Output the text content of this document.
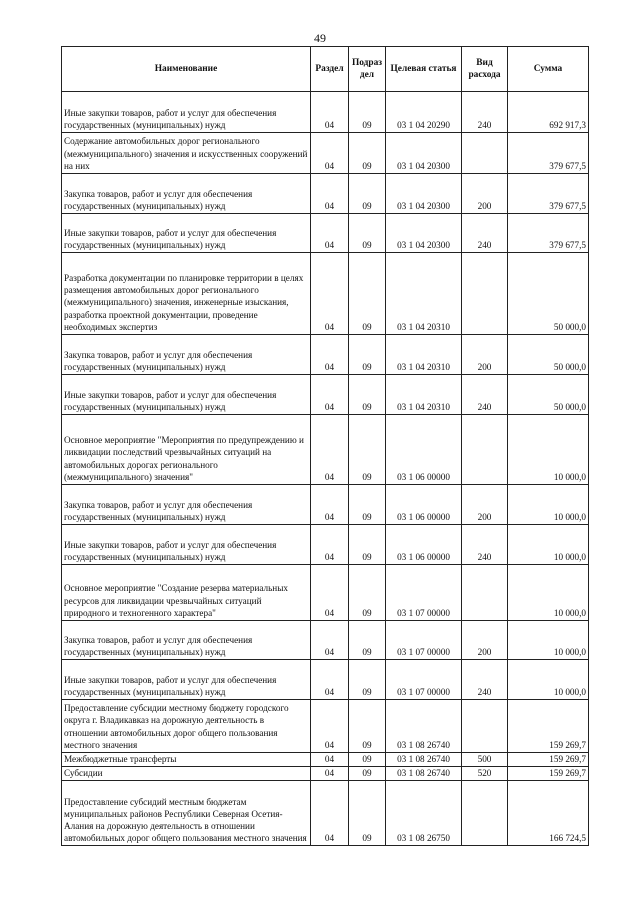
49
Наименование	Раздел	Подраз дел	Целевая статья	Вид расхода	Сумма
Иные закупки товаров, работ и услуг для обеспечения государственных (муниципальных) нужд	04	09	03 1 04 20290	240	692 917,3
Содержание автомобильных дорог регионального (межмуниципального) значения и искусственных сооружений на них	04	09	03 1 04 20300		379 677,5
Закупка товаров, работ и услуг для обеспечения государственных (муниципальных) нужд	04	09	03 1 04 20300	200	379 677,5
Иные закупки товаров, работ и услуг для обеспечения государственных (муниципальных) нужд	04	09	03 1 04 20300	240	379 677,5
Разработка документации по планировке территории в целях размещения автомобильных дорог регионального (межмуниципального) значения, инженерные изыскания, разработка проектной документации, проведение необходимых экспертиз	04	09	03 1 04 20310		50 000,0
Закупка товаров, работ и услуг для обеспечения государственных (муниципальных) нужд	04	09	03 1 04 20310	200	50 000,0
Иные закупки товаров, работ и услуг для обеспечения государственных (муниципальных) нужд	04	09	03 1 04 20310	240	50 000,0
Основное мероприятие "Мероприятия по предупреждению и ликвидации последствий чрезвычайных ситуаций на автомобильных дорогах регионального (межмуниципального) значения"	04	09	03 1 06 00000		10 000,0
Закупка товаров, работ и услуг для обеспечения государственных (муниципальных) нужд	04	09	03 1 06 00000	200	10 000,0
Иные закупки товаров, работ и услуг для обеспечения государственных (муниципальных) нужд	04	09	03 1 06 00000	240	10 000,0
Основное мероприятие "Создание резерва материальных ресурсов для ликвидации чрезвычайных ситуаций природного и техногенного характера"	04	09	03 1 07 00000		10 000,0
Закупка товаров, работ и услуг для обеспечения государственных (муниципальных) нужд	04	09	03 1 07 00000	200	10 000,0
Иные закупки товаров, работ и услуг для обеспечения государственных (муниципальных) нужд	04	09	03 1 07 00000	240	10 000,0
Предоставление субсидии местному бюджету городского округа г. Владикавказ на дорожную деятельность в отношении автомобильных дорог общего пользования местного значения	04	09	03 1 08 26740		159 269,7
Межбюджетные трансферты	04	09	03 1 08 26740	500	159 269,7
Субсидии	04	09	03 1 08 26740	520	159 269,7
Предоставление субсидий местным бюджетам муниципальных районов Республики Северная Осетия-Алания на дорожную деятельность в отношении автомобильных дорог общего пользования местного значения	04	09	03 1 08 26750		166 724,5
